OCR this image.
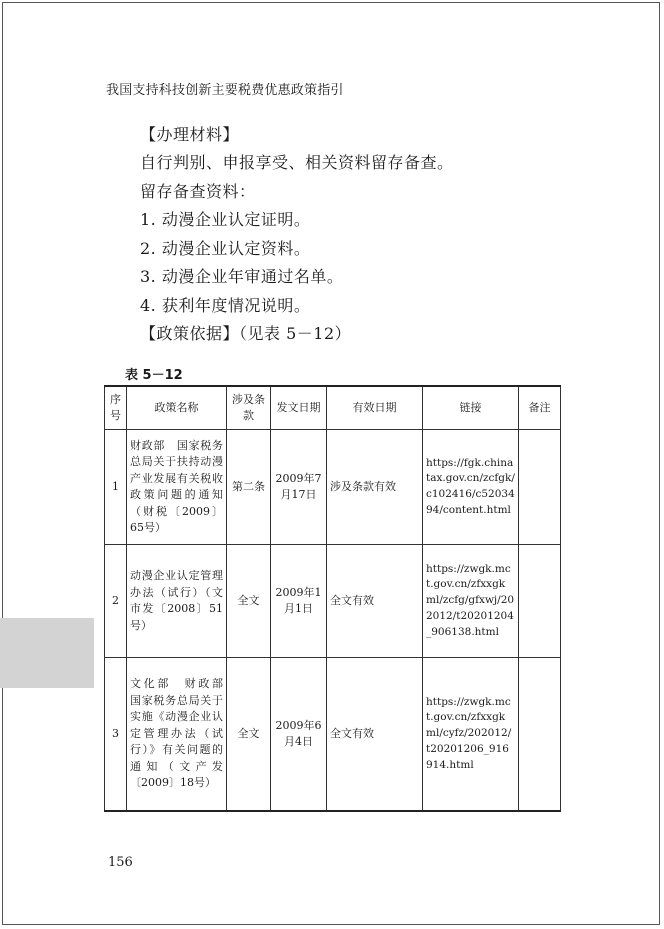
我国支持科技创新主要税费优惠政策指引
【办理材料】
自行判别、申报享受、相关资料留存备查。
留存备查资料：
1. 动漫企业认定证明。
2. 动漫企业认定资料。
3. 动漫企业年审通过名单。
4. 获利年度情况说明。
【政策依据】（见表 5－12）
表 5－12
序号	政策名称	涉及条款	发文日期	有效日期	链接	备注
1	财政部　国家税务总局关于扶持动漫产业发展有关税收政策问题的通知（财税〔2009〕65号）	第二条	2009年7月17日	涉及条款有效	https://fgk.chinatax.gov.cn/zcfgk/c102416/c5203494/content.html	
2	动漫企业认定管理办法（试行）（文市发〔2008〕51号）	全文	2009年1月1日	全文有效	https://zwgk.mct.gov.cn/zfxxgkml/zcfg/gfxwj/202012/t20201204_906138.html	
3	文化部　财政部　国家税务总局关于实施《动漫企业认定管理办法（试行）》有关问题的通知（文产发〔2009〕18号）	全文	2009年6月4日	全文有效	https://zwgk.mct.gov.cn/zfxxgkml/cyfz/202012/t20201206_916914.html	
156
